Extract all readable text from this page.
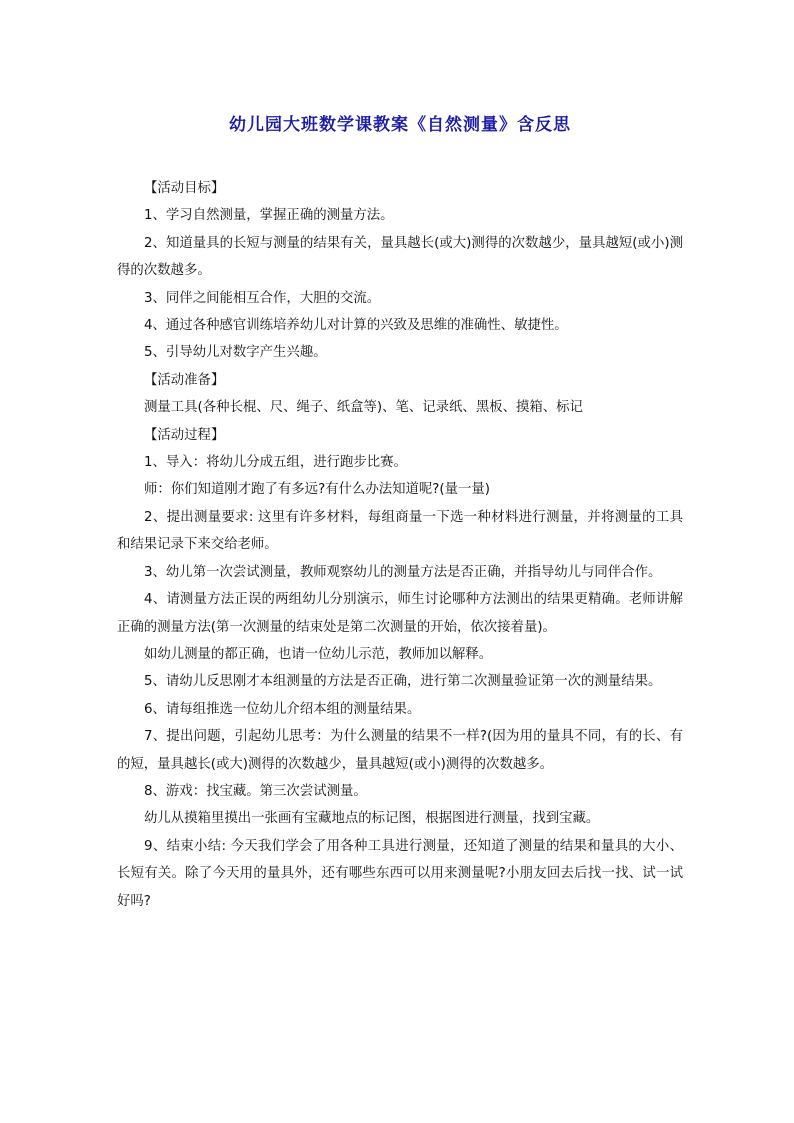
幼儿园大班数学课教案《自然测量》含反思

【活动目标】

1、学习自然测量，掌握正确的测量方法。

2、知道量具的长短与测量的结果有关，量具越长(或大)测得的次数越少，量具越短(或小)测得的次数越多。

3、同伴之间能相互合作，大胆的交流。

4、通过各种感官训练培养幼儿对计算的兴致及思维的准确性、敏捷性。

5、引导幼儿对数字产生兴趣。

【活动准备】

测量工具(各种长棍、尺、绳子、纸盒等)、笔、记录纸、黑板、摸箱、标记

【活动过程】

1、导入：将幼儿分成五组，进行跑步比赛。

师：你们知道刚才跑了有多远?有什么办法知道呢?(量一量)

2、提出测量要求: 这里有许多材料，每组商量一下选一种材料进行测量，并将测量的工具和结果记录下来交给老师。

3、幼儿第一次尝试测量，教师观察幼儿的测量方法是否正确，并指导幼儿与同伴合作。

4、请测量方法正误的两组幼儿分别演示，师生讨论哪种方法测出的结果更精确。老师讲解正确的测量方法(第一次测量的结束处是第二次测量的开始，依次接着量)。

如幼儿测量的都正确，也请一位幼儿示范，教师加以解释。

5、请幼儿反思刚才本组测量的方法是否正确，进行第二次测量验证第一次的测量结果。

6、请每组推选一位幼儿介绍本组的测量结果。

7、提出问题，引起幼儿思考：为什么测量的结果不一样?(因为用的量具不同，有的长、有的短，量具越长(或大)测得的次数越少，量具越短(或小)测得的次数越多。

8、游戏：找宝藏。第三次尝试测量。

幼儿从摸箱里摸出一张画有宝藏地点的标记图，根据图进行测量，找到宝藏。

9、结束小结: 今天我们学会了用各种工具进行测量，还知道了测量的结果和量具的大小、长短有关。除了今天用的量具外，还有哪些东西可以用来测量呢?小朋友回去后找一找、试一试好吗?
